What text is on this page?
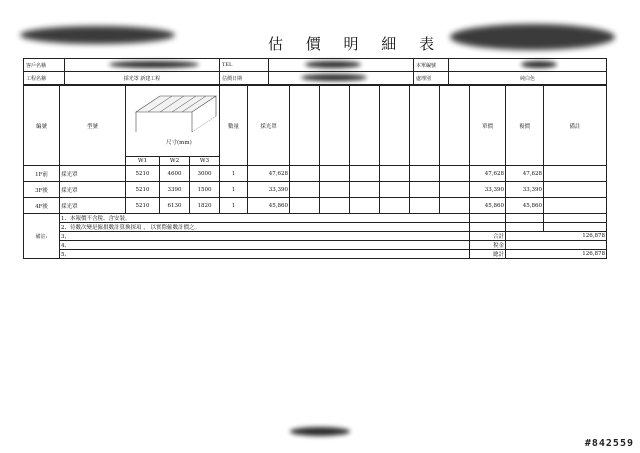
估 價 明 細 表
客戶名稱		TEL		本單編號	
工程名稱	採光罩 新建工程	估價日期		處理別	純白色
編號	型號	尺寸(mm)			數量	採光罩							單價	複價	備註
		W1	W2	W3											
1F前	採光罩	5210	4600	3000	1	47,628							47,628	47,628	
3F後	採光罩	5210	3390	1500	1	33,390							33,390	33,390	
4F後	採光罩	5210	6130	1820	1	45,860							45,860	45,860	
備註:	1、本報價不含稅、含安裝。														
	2、待數次變是僱損數計算換探項 ， 以實際僱數計價之。														
	3、												合計	126,878	
	4、												稅金		
	5、												總計	126,878	
#842559
